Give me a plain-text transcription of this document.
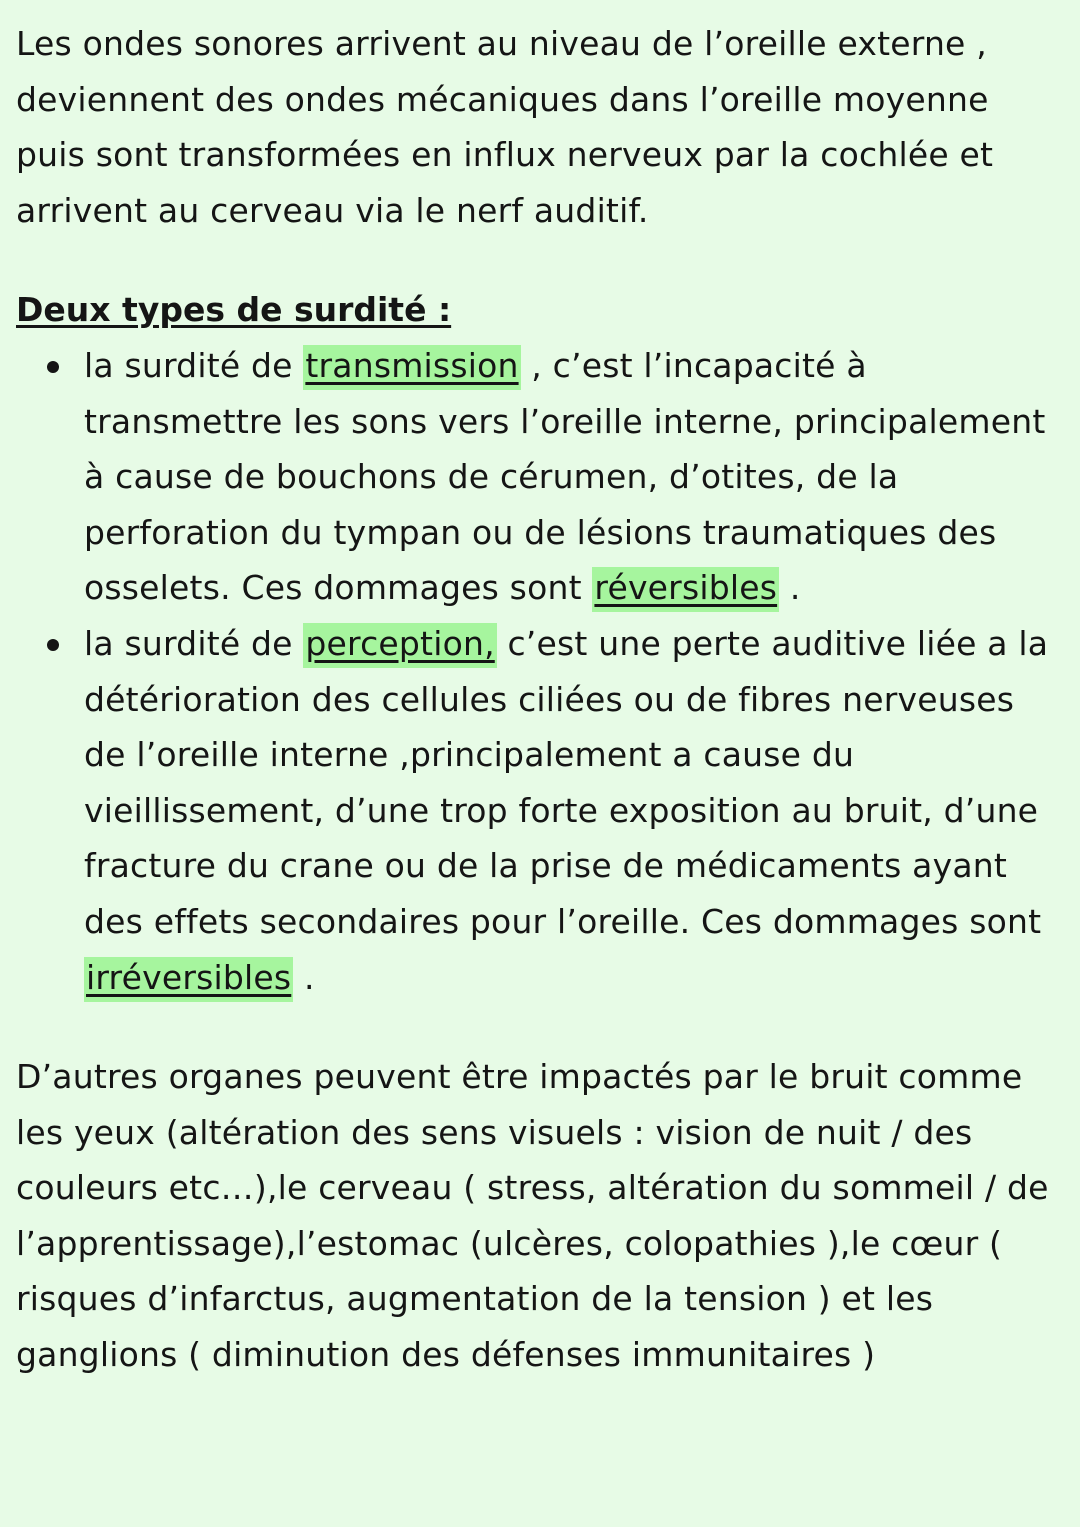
Les ondes sonores arrivent au niveau de l’oreille externe , deviennent des ondes mécaniques dans l’oreille moyenne puis sont transformées en influx nerveux par la cochlée et arrivent au cerveau via le nerf auditif.

Deux types de surdité :
la surdité de transmission , c’est l’incapacité à transmettre les sons vers l’oreille interne, principalement à cause de bouchons de cérumen, d’otites, de la perforation du tympan ou de lésions traumatiques des osselets. Ces dommages sont réversibles .
la surdité de perception, c’est une perte auditive liée a la détérioration des cellules ciliées ou de fibres nerveuses de l’oreille interne ,principalement a cause du vieillissement, d’une trop forte exposition au bruit, d’une fracture du crane ou de la prise de médicaments ayant des effets secondaires pour l’oreille. Ces dommages sont irréversibles .

D’autres organes peuvent être impactés par le bruit comme les yeux (altération des sens visuels : vision de nuit / des couleurs etc…),le cerveau ( stress, altération du sommeil / de l’apprentissage),l’estomac (ulcères, colopathies ),le cœur ( risques d’infarctus, augmentation de la tension ) et les ganglions ( diminution des défenses immunitaires )
